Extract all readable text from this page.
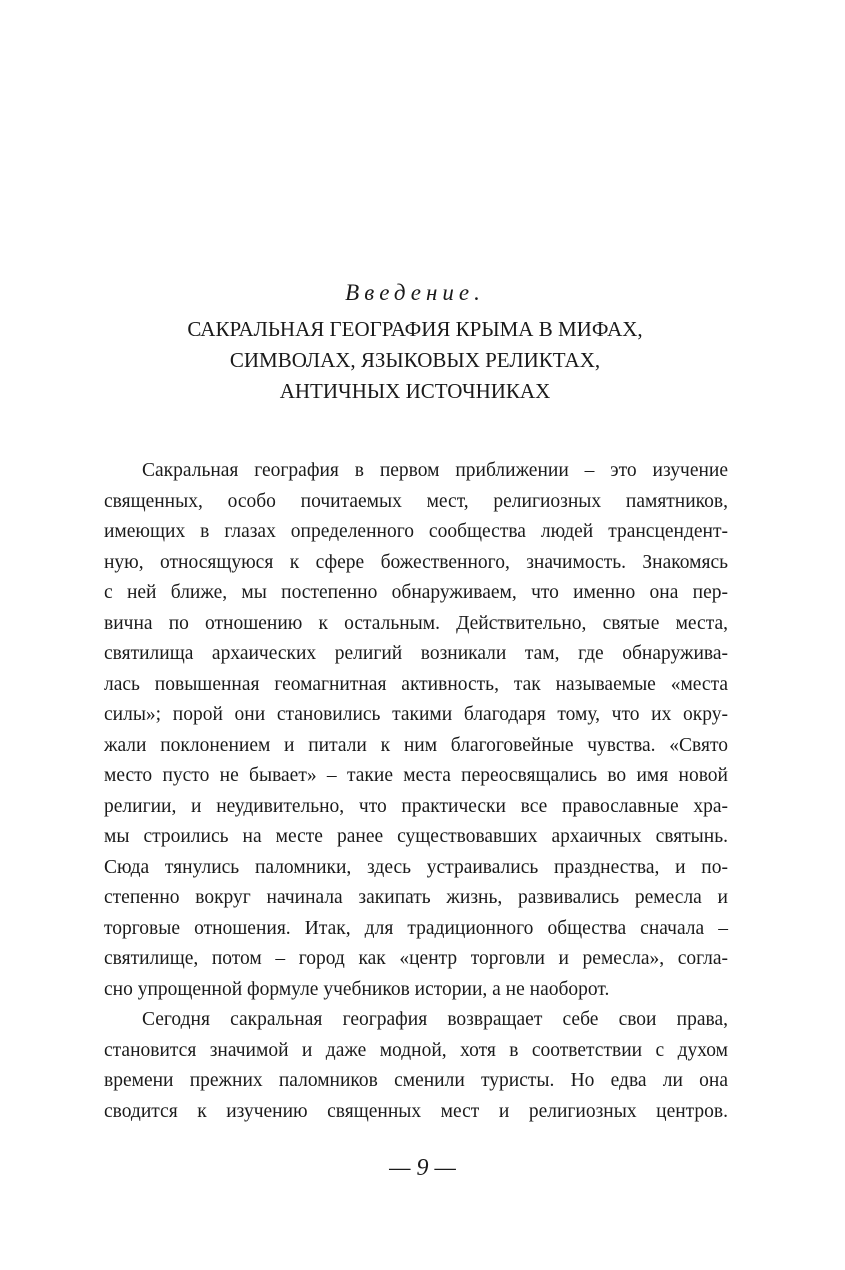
Введение.
САКРАЛЬНАЯ ГЕОГРАФИЯ КРЫМА В МИФАХ,
СИМВОЛАХ, ЯЗЫКОВЫХ РЕЛИКТАХ,
АНТИЧНЫХ ИСТОЧНИКАХ
Сакральная география в первом приближении – это изучение
священных, особо почитаемых мест, религиозных памятников,
имеющих в глазах определенного сообщества людей трансцендент-
ную, относящуюся к сфере божественного, значимость. Знакомясь
с ней ближе, мы постепенно обнаруживаем, что именно она пер-
вична по отношению к остальным. Действительно, святые места,
святилища архаических религий возникали там, где обнаружива-
лась повышенная геомагнитная активность, так называемые «места
силы»; порой они становились такими благодаря тому, что их окру-
жали поклонением и питали к ним благоговейные чувства. «Свято
место пусто не бывает» – такие места переосвящались во имя новой
религии, и неудивительно, что практически все православные хра-
мы строились на месте ранее существовавших архаичных святынь.
Сюда тянулись паломники, здесь устраивались празднества, и по-
степенно вокруг начинала закипать жизнь, развивались ремесла и
торговые отношения. Итак, для традиционного общества сначала –
святилище, потом – город как «центр торговли и ремесла», согла-
сно упрощенной формуле учебников истории, а не наоборот.
Сегодня сакральная география возвращает себе свои права,
становится значимой и даже модной, хотя в соответствии с духом
времени прежних паломников сменили туристы. Но едва ли она
сводится к изучению священных мест и религиозных центров.
— 9 —
